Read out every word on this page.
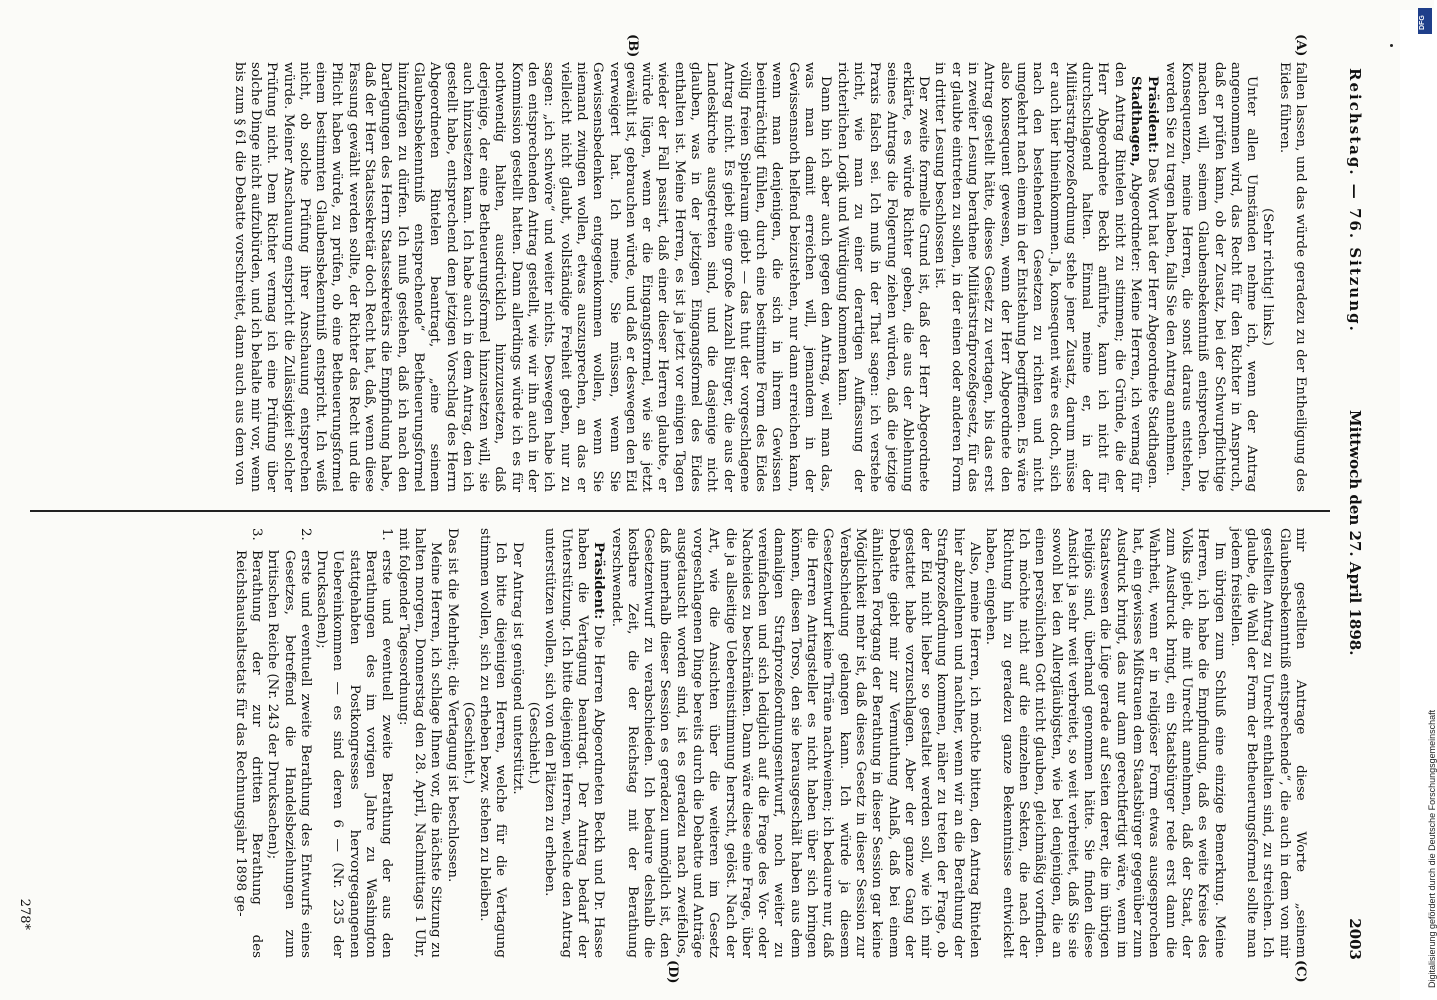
Reichstag. — 76. Sitzung.
Mittwoch den 27. April 1898.
2003
(A)
(B)
(C)
(D)

fallen lassen, und das würde geradezu zu der Entheiligung des Eides führen.

(Sehr richtig! links.)

Unter allen Umständen nehme ich, wenn der Antrag angenommen wird, das Recht für den Richter in Anspruch, daß er prüfen kann, ob der Zusatz, bei der Schwurpflichtige machen will, seinem Glaubensbekenntniß entsprechen. Die Konsequenzen, meine Herren, die sonst daraus entstehen, werden Sie zu tragen haben, falls Sie den Antrag annehmen.

Präsident: Das Wort hat der Herr Abgeordnete Stadthagen.

Stadthagen, Abgeordneter: Meine Herren, ich vermag für den Antrag Rintelen nicht zu stimmen; die Gründe, die der Herr Abgeordnete Beckh anführte, kann ich nicht für durchschlagend halten. Einmal meine er, in der Militärstrafprozeßordnung stehe jener Zusatz, darum müsse er auch hier hineinkommen. Ja, konsequent wäre es doch, sich nach den bestehenden Gesetzen zu richten und nicht umgekehrt nach einem in der Entstehung begriffenen. Es wäre also konsequent gewesen, wenn der Herr Abgeordnete den Antrag gestellt hätte, dieses Gesetz zu vertagen, bis das erst in zweiter Lesung berathene Militärstrafprozeßgesetz, für das er glaubte eintreten zu sollen, in der einen oder anderen Form in dritter Lesung beschlossen ist.

Der zweite formelle Grund ist, daß der Herr Abgeordnete erklärte, es würde Richter geben, die aus der Ablehnung seines Antrags die Folgerung ziehen würden, daß die jetzige Praxis falsch sei. Ich muß in der That sagen: ich verstehe nicht, wie man zu einer derartigen Auffassung der richterlichen Logik und Würdigung kommen kann.

Dann bin ich aber auch gegen den Antrag, weil man das, was man damit erreichen will, jemandem in der Gewissensnoth helfend beizustehen, nur dann erreichen kann, wenn man denjenigen, die sich in ihrem Gewissen beeinträchtigt fühlen, durch eine bestimmte Form des Eides völlig freien Spielraum giebt — das thut der vorgeschlagene Antrag nicht. Es giebt eine große Anzahl Bürger, die aus der Landeskirche ausgetreten sind, und die dasjenige nicht glauben, was in der jetzigen Eingangsformel des Eides enthalten ist. Meine Herren, es ist ja jetzt vor einigen Tagen wieder der Fall passirt, daß einer dieser Herren glaubte, er würde lügen, wenn er die Eingangsformel, wie sie jetzt gewählt ist, gebrauchen würde, und daß er deswegen den Eid verweigert hat. Ich meine, Sie müssen, wenn Sie Gewissensbedenken entgegenkommen wollen, wenn Sie niemand zwingen wollen, etwas auszusprechen, an das er vielleicht nicht glaubt, vollständige Freiheit geben, nur zu sagen: „ich schwöre“ und weiter nichts. Deswegen habe ich den entsprechenden Antrag gestellt, wie wir ihn auch in der Kommission gestellt hatten. Dann allerdings würde ich es für nothwendig halten, ausdrücklich hinzuzusetzen, daß derjenige, der eine Betheuerungsformel hinzusetzen will, sie auch hinzusetzen kann. Ich habe auch in dem Antrag, den ich gestellt habe, entsprechend dem jetzigen Vorschlag des Herrn Abgeordneten Rintelen beantragt, „eine seinem Glaubensbekenntniß entsprechende“ Betheuerungsformel hinzufügen zu dürfen. Ich muß gestehen, daß ich nach den Darlegungen des Herrn Staatssekretärs die Empfindung habe, daß der Herr Staatssekretär doch Recht hat, daß, wenn diese Fassung gewählt werden sollte, der Richter das Recht und die Pflicht haben würde, zu prüfen, ob eine Betheuerungsformel einem bestimmten Glaubensbekenntniß entspricht. Ich weiß nicht, ob solche Prüfung ihrer Anschauung entsprechen würde. Meiner Anschauung entspricht die Zulässigkeit solcher Prüfung nicht. Dem Richter vermag ich eine Prüfung über solche Dinge nicht aufzubürden, und ich behalte mir vor, wenn bis zum § 61 die Debatte vorschreitet, dann auch aus dem von

mir gestellten Antrage diese Worte „seinem Glaubensbekenntniß entsprechende“, die auch in dem von mir gestellten Antrag zu Unrecht enthalten sind, zu streichen. Ich glaube, die Wahl der Form der Betheuerungsformel sollte man jedem freistellen.

Im übrigen zum Schluß eine einzige Bemerkung. Meine Herren, ich habe die Empfindung, daß es weite Kreise des Volks giebt, die mit Unrecht annehmen, daß der Staat, der zum Ausdruck bringt, ein Staatsbürger rede erst dann die Wahrheit, wenn er in religiöser Form etwas ausgesprochen hat, ein gewisses Mißtrauen dem Staatsbürger gegenüber zum Ausdruck bringt, das nur dann gerechtfertigt wäre, wenn im Staatswesen die Lüge gerade auf Seiten derer, die im übrigen religiös sind, überhand genommen hätte. Sie finden diese Ansicht ja sehr weit verbreitet, so weit verbreitet, daß Sie sie sowohl bei den Allergläubigsten, wie bei denjenigen, die an einen persönlichen Gott nicht glauben, gleichmäßig vorfinden. Ich möchte nicht auf die einzelnen Sekten, die nach der Richtung hin zu geradezu ganze Bekenntnisse entwickelt haben, eingehen.

Also, meine Herren, ich möchte bitten, den Antrag Rintelen hier abzulehnen und nachher, wenn wir an die Berathung der Strafprozeßordnung kommen, näher zu treten der Frage, ob der Eid nicht lieber so gestaltet werden soll, wie ich mir gestattet habe vorzuschlagen. Aber der ganze Gang der Debatte giebt mir zur Vermuthung Anlaß, daß bei einem ähnlichen Fortgang der Berathung in dieser Session gar keine Möglichkeit mehr ist, daß dieses Gesetz in dieser Session zur Verabschiedung gelangen kann. Ich würde ja diesem Gesetzentwurf keine Thräne nachweinen; ich bedaure nur, daß die Herren Antragsteller es nicht haben über sich bringen können, diesen Torso, den sie herausgeschält haben aus dem damaligen Strafprozeßordnungsentwurf, noch weiter zu vereinfachen und sich lediglich auf die Frage des Vor- oder Nacheides zu beschränken. Dann wäre diese eine Frage, über die ja allseitige Uebereinstimmung herrscht, gelöst. Nach der Art, wie die Ansichten über die weiteren im Gesetz vorgeschlagenen Dinge bereits durch die Debatte und Anträge ausgetauscht worden sind, ist es geradezu nach zweifellos, daß innerhalb dieser Session es geradezu unmöglich ist, den Gesetzentwurf zu verabschieden. Ich bedaure deshalb die kostbare Zeit, die der Reichstag mit der Berathung verschwendet.

Präsident: Die Herren Abgeordneten Beckh und Dr. Hasse haben die Vertagung beantragt. Der Antrag bedarf der Unterstützung. Ich bitte diejenigen Herren, welche den Antrag unterstützen wollen, sich von den Plätzen zu erheben.

(Geschieht.)

Der Antrag ist genügend unterstützt.

Ich bitte diejenigen Herren, welche für die Vertagung stimmen wollen, sich zu erheben bezw. stehen zu bleiben.

(Geschieht.)

Das ist die Mehrheit; die Vertagung ist beschlossen.

Meine Herren, ich schlage Ihnen vor, die nächste Sitzung zu halten morgen, Donnerstag den 28. April, Nachmittags 1 Uhr, mit folgender Tagesordnung:

1.
erste und eventuell zweite Berathung der aus den Berathungen des im vorigen Jahre zu Washington stattgehabten Postkongresses hervorgegangenen Uebereinkommen — es sind deren 6 — (Nr. 235 der Drucksachen);
2.
erste und eventuell zweite Berathung des Entwurfs eines Gesetzes, betreffend die Handelsbeziehungen zum britischen Reiche (Nr. 243 der Drucksachen);
3.
Berathung der zur dritten Berathung des Reichshaushaltsetats für das Rechnungsjahr 1898 ge-
278*	Digitalisierung gefördert durch die Deutsche Forschungsgemeinschaft
DFG
